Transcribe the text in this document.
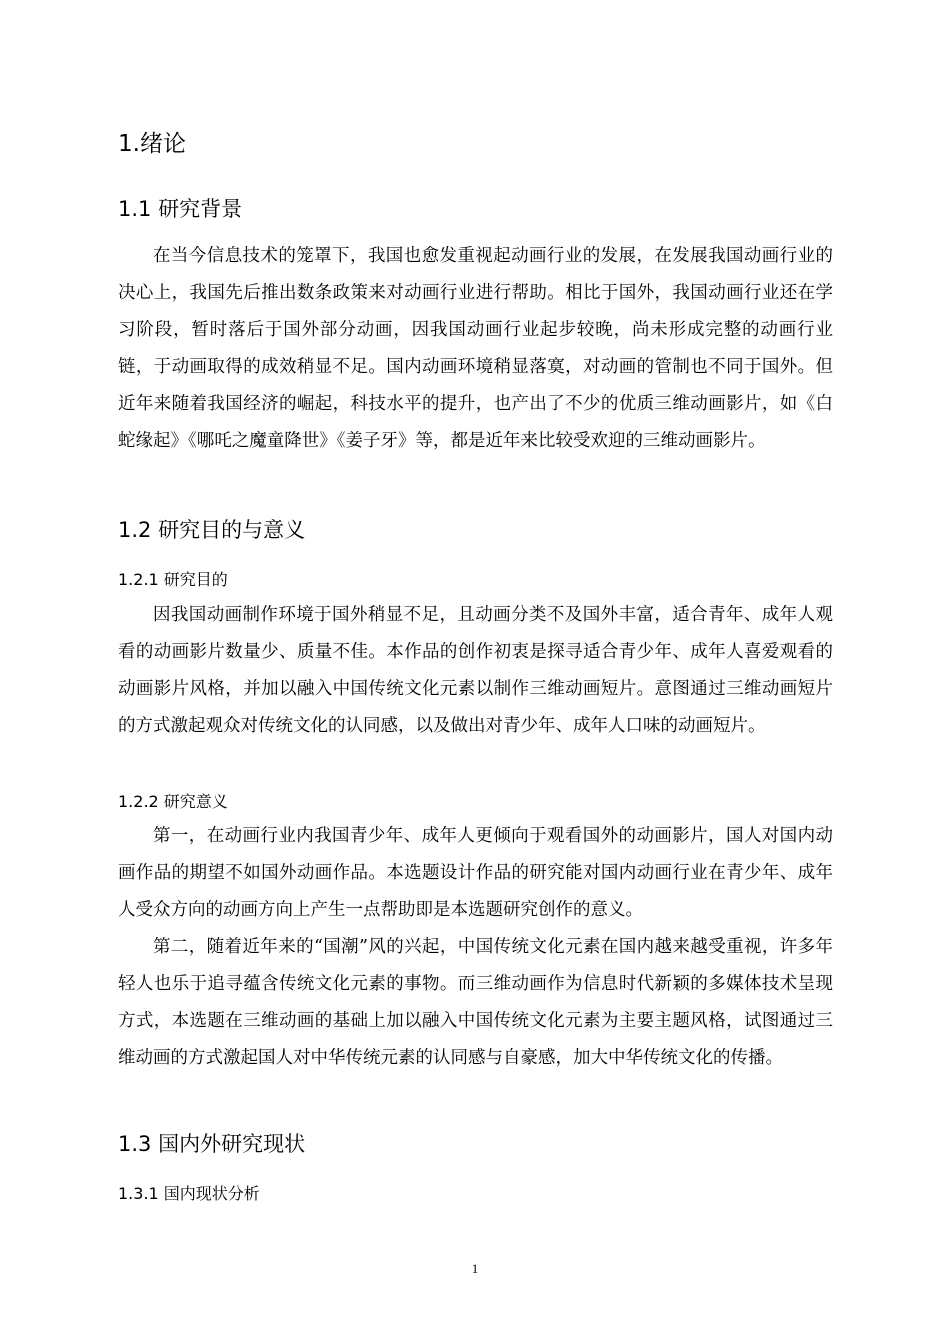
1.绪论
1.1 研究背景

在当今信息技术的笼罩下，我国也愈发重视起动画行业的发展，在发展我国动画行业的决心上，我国先后推出数条政策来对动画行业进行帮助。相比于国外，我国动画行业还在学习阶段，暂时落后于国外部分动画，因我国动画行业起步较晚，尚未形成完整的动画行业链，于动画取得的成效稍显不足。国内动画环境稍显落寞，对动画的管制也不同于国外。但近年来随着我国经济的崛起，科技水平的提升，也产出了不少的优质三维动画影片，如《白蛇缘起》《哪吒之魔童降世》《姜子牙》等，都是近年来比较受欢迎的三维动画影片。

1.2 研究目的与意义
1.2.1 研究目的

因我国动画制作环境于国外稍显不足，且动画分类不及国外丰富，适合青年、成年人观看的动画影片数量少、质量不佳。本作品的创作初衷是探寻适合青少年、成年人喜爱观看的动画影片风格，并加以融入中国传统文化元素以制作三维动画短片。意图通过三维动画短片的方式激起观众对传统文化的认同感，以及做出对青少年、成年人口味的动画短片。

1.2.2 研究意义

第一，在动画行业内我国青少年、成年人更倾向于观看国外的动画影片，国人对国内动画作品的期望不如国外动画作品。本选题设计作品的研究能对国内动画行业在青少年、成年人受众方向的动画方向上产生一点帮助即是本选题研究创作的意义。

第二，随着近年来的“国潮”风的兴起，中国传统文化元素在国内越来越受重视，许多年轻人也乐于追寻蕴含传统文化元素的事物。而三维动画作为信息时代新颖的多媒体技术呈现方式，本选题在三维动画的基础上加以融入中国传统文化元素为主要主题风格，试图通过三维动画的方式激起国人对中华传统元素的认同感与自豪感，加大中华传统文化的传播。

1.3 国内外研究现状
1.3.1 国内现状分析
1
